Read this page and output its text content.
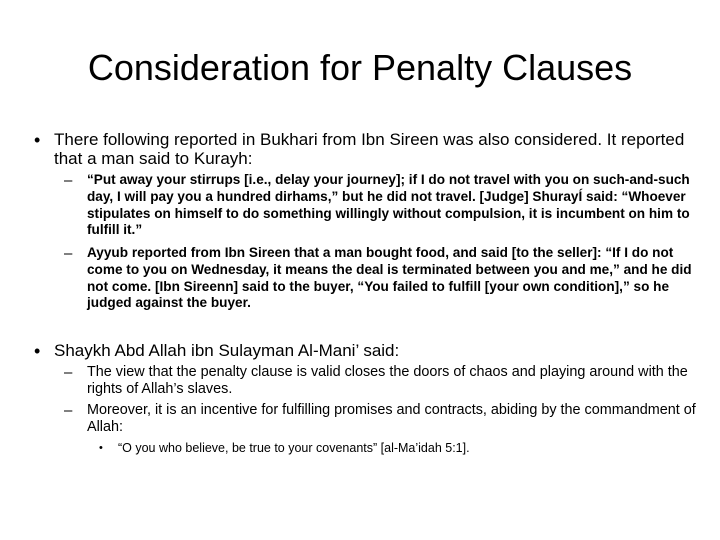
Consideration for Penalty Clauses
• There following reported in Bukhari from Ibn Sireen was also considered. It reported that a man said to Kurayh:
– “Put away your stirrups [i.e., delay your journey]; if I do not travel with you on such-and-such day, I will pay you a hundred dirhams,” but he did not travel. [Judge] ShurayÍ said: “Whoever stipulates on himself to do something willingly without compulsion, it is incumbent on him to fulfill it.”
– Ayyub reported from Ibn Sireen that a man bought food, and said [to the seller]: “If I do not come to you on Wednesday, it means the deal is terminated between you and me,” and he did not come. [Ibn Sireenn] said to the buyer, “You failed to fulfill [your own condition],” so he judged against the buyer.
• Shaykh Abd Allah ibn Sulayman Al-Mani’ said:
– The view that the penalty clause is valid closes the doors of chaos and playing around with the rights of Allah’s slaves.
– Moreover, it is an incentive for fulfilling promises and contracts, abiding by the commandment of Allah:
• “O you who believe, be true to your covenants” [al-Ma’idah 5:1].
